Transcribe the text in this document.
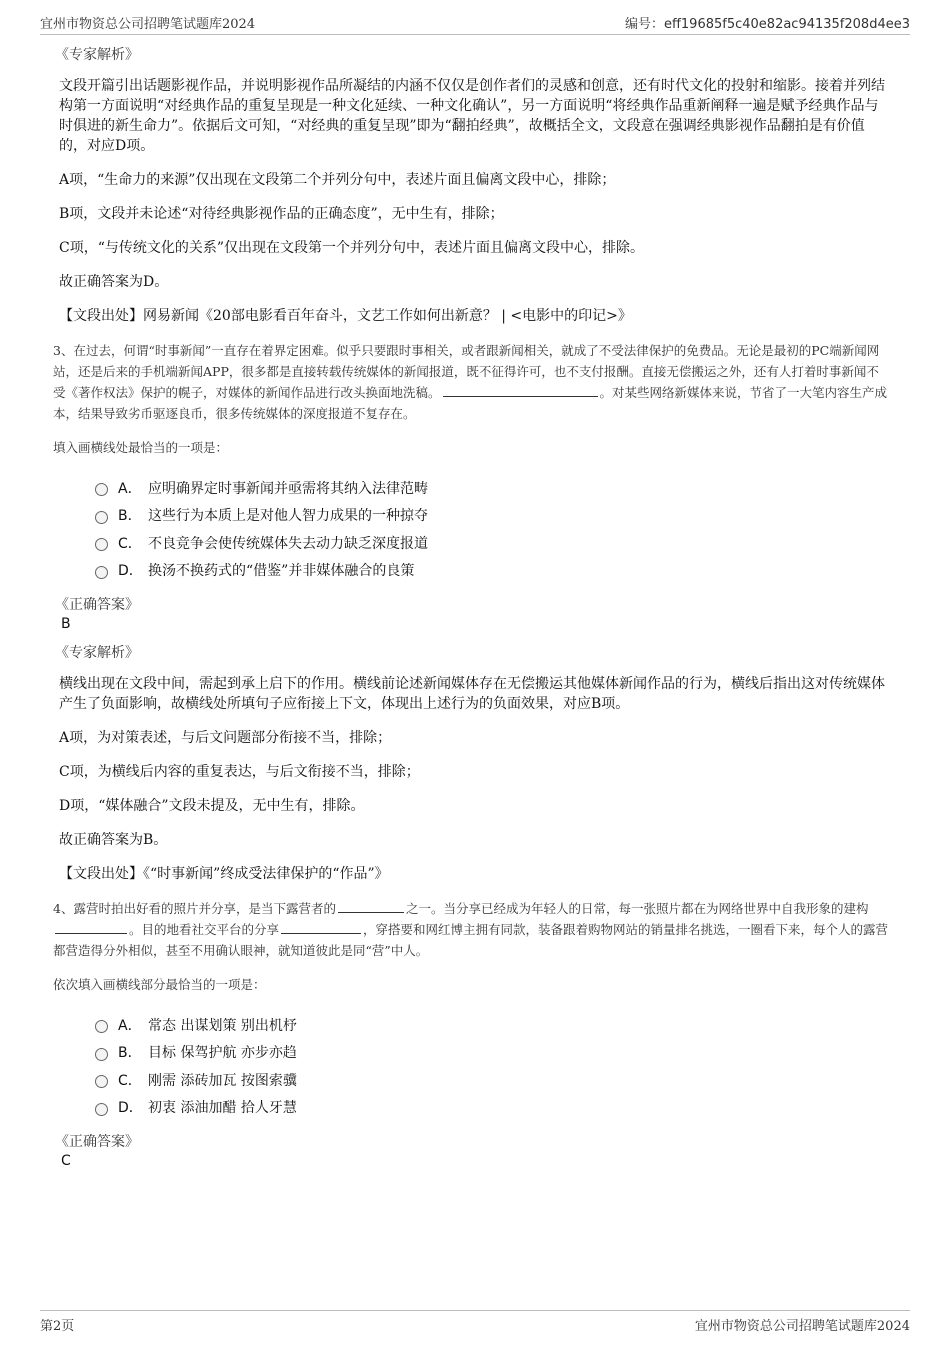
宜州市物资总公司招聘笔试题库2024	编号：eff19685f5c40e82ac94135f208d4ee3
《专家解析》

文段开篇引出话题影视作品，并说明影视作品所凝结的内涵不仅仅是创作者们的灵感和创意，还有时代文化的投射和缩影。接着并列结构第一方面说明“对经典作品的重复呈现是一种文化延续、一种文化确认”，另一方面说明“将经典作品重新阐释一遍是赋予经典作品与时俱进的新生命力”。依据后文可知，“对经典的重复呈现”即为“翻拍经典”，故概括全文，文段意在强调经典影视作品翻拍是有价值的，对应D项。

A项，“生命力的来源”仅出现在文段第二个并列分句中，表述片面且偏离文段中心，排除；

B项，文段并未论述“对待经典影视作品的正确态度”，无中生有，排除；

C项，“与传统文化的关系”仅出现在文段第一个并列分句中，表述片面且偏离文段中心，排除。

故正确答案为D。

【文段出处】网易新闻《20部电影看百年奋斗，文艺工作如何出新意？ | <电影中的印记>》

3、在过去，何谓“时事新闻”一直存在着界定困难。似乎只要跟时事相关，或者跟新闻相关，就成了不受法律保护的免费品。无论是最初的PC端新闻网站，还是后来的手机端新闻APP，很多都是直接转载传统媒体的新闻报道，既不征得许可，也不支付报酬。直接无偿搬运之外，还有人打着时事新闻不受《著作权法》保护的幌子，对媒体的新闻作品进行改头换面地洗稿。	。对某些网络新媒体来说，节省了一大笔内容生产成本，结果导致劣币驱逐良币，很多传统媒体的深度报道不复存在。
填入画横线处最恰当的一项是：
A． 应明确界定时事新闻并亟需将其纳入法律范畴
B． 这些行为本质上是对他人智力成果的一种掠夺
C． 不良竞争会使传统媒体失去动力缺乏深度报道
D． 换汤不换药式的“借鉴”并非媒体融合的良策
《正确答案》
B
《专家解析》

横线出现在文段中间，需起到承上启下的作用。横线前论述新闻媒体存在无偿搬运其他媒体新闻作品的行为，横线后指出这对传统媒体产生了负面影响，故横线处所填句子应衔接上下文，体现出上述行为的负面效果，对应B项。

A项，为对策表述，与后文问题部分衔接不当，排除；

C项，为横线后内容的重复表达，与后文衔接不当，排除；

D项，“媒体融合”文段未提及，无中生有，排除。

故正确答案为B。

【文段出处】《“时事新闻”终成受法律保护的“作品”》

4、露营时拍出好看的照片并分享，是当下露营者的	之一。当分享已经成为年轻人的日常，每一张照片都在为网络世界中自我形象的建构。目的地看社交平台的分享	，穿搭要和网红博主拥有同款，装备跟着购物网站的销量排名挑选，一圈看下来，每个人的露营都营造得分外相似，甚至不用确认眼神，就知道彼此是同“营”中人。
依次填入画横线部分最恰当的一项是：
A． 常态 出谋划策 别出机杼
B． 目标 保驾护航 亦步亦趋
C． 刚需 添砖加瓦 按图索骥
D． 初衷 添油加醋 拾人牙慧
《正确答案》
C
第2页	宜州市物资总公司招聘笔试题库2024
